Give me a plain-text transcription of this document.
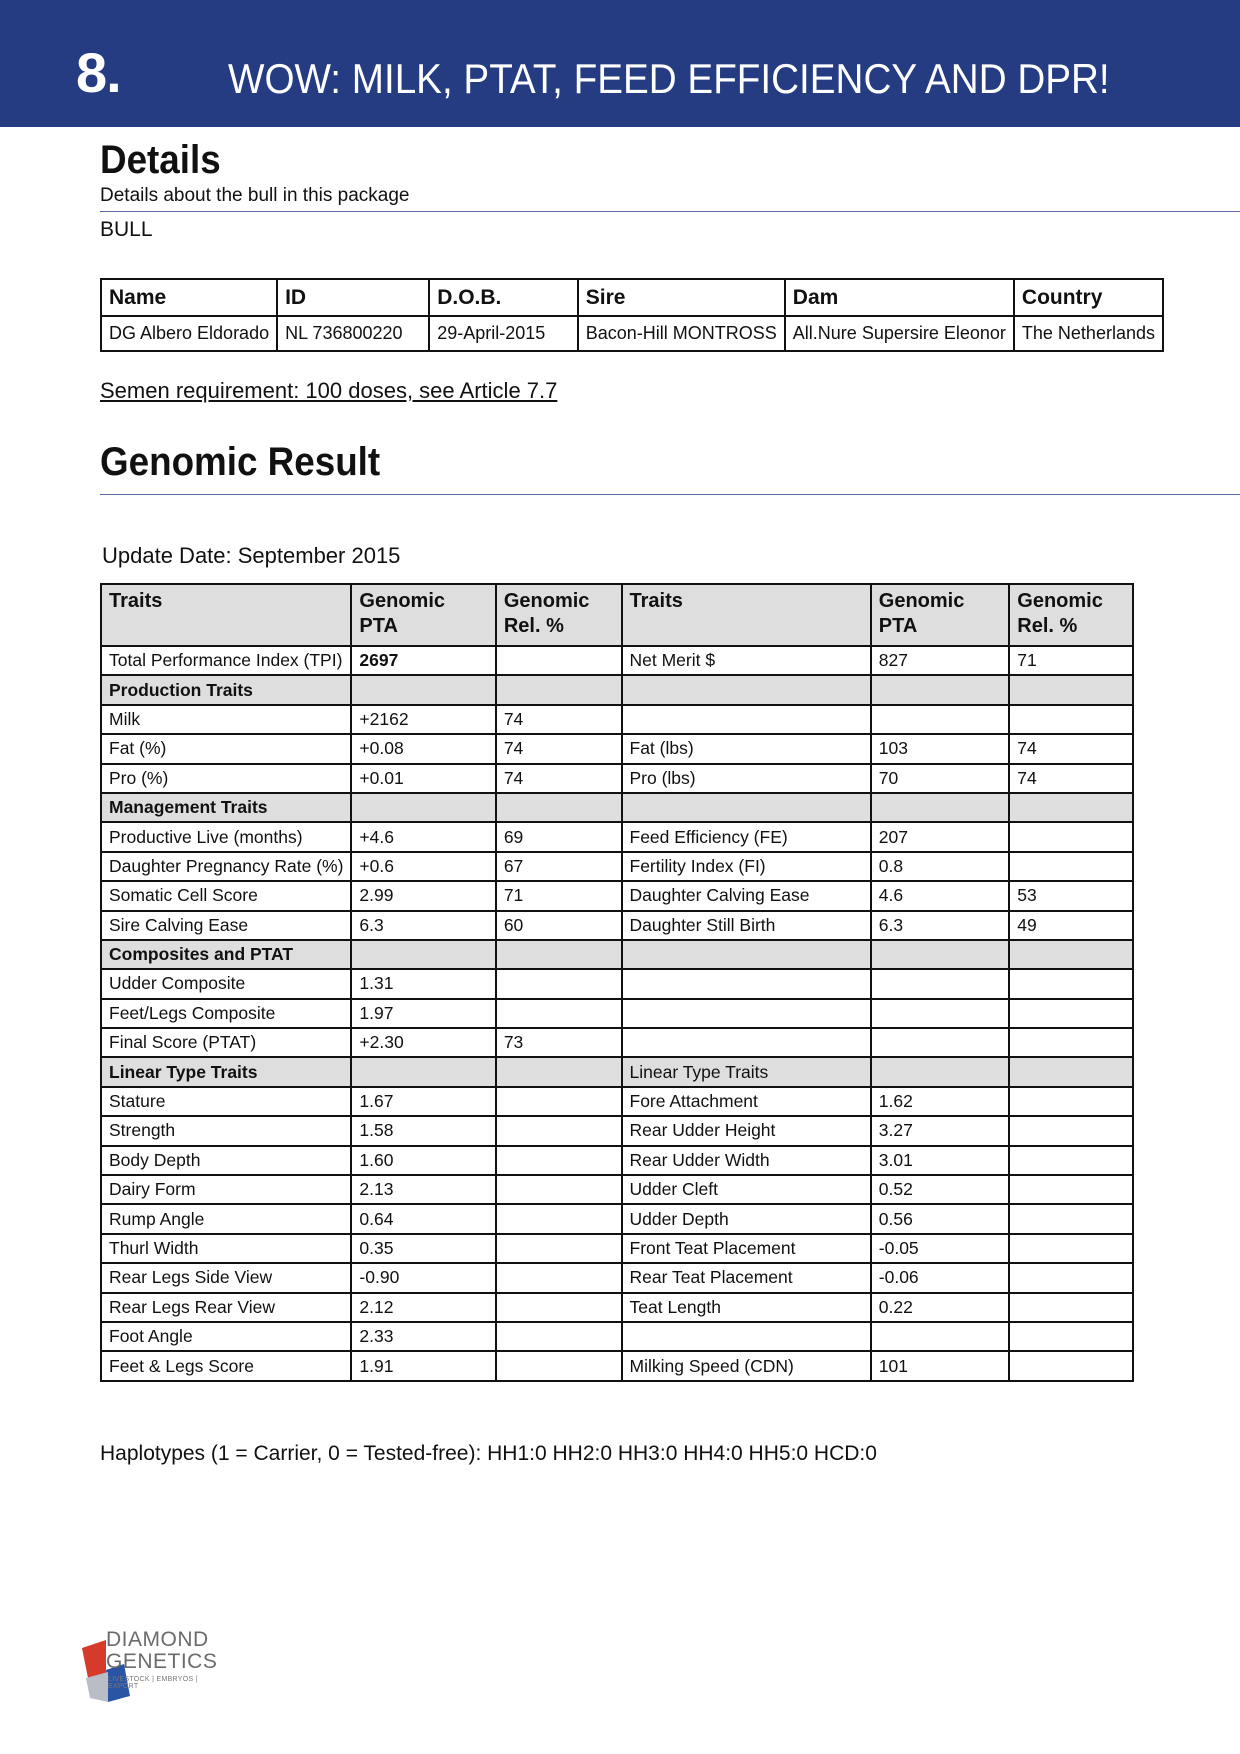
8.	WOW: MILK, PTAT, FEED EFFICIENCY AND DPR!
Details
Details about the bull in this package
BULL
Name	ID	D.O.B.	Sire	Dam	Country
DG Albero Eldorado	NL 736800220	29-April-2015	Bacon-Hill MONTROSS	All.Nure Supersire Eleonor	The Netherlands
Semen requirement: 100 doses, see Article 7.7
Genomic Result
Update Date: September 2015
Traits	Genomic PTA	Genomic Rel. %	Traits	Genomic PTA	Genomic Rel. %
Total Performance Index (TPI)	2697		Net Merit $	827	71
Production Traits					
Milk	+2162	74			
Fat (%)	+0.08	74	Fat (lbs)	103	74
Pro (%)	+0.01	74	Pro (lbs)	70	74
Management Traits					
Productive Live (months)	+4.6	69	Feed Efficiency (FE)	207	
Daughter Pregnancy Rate (%)	+0.6	67	Fertility Index (FI)	0.8	
Somatic Cell Score	2.99	71	Daughter Calving Ease	4.6	53
Sire Calving Ease	6.3	60	Daughter Still Birth	6.3	49
Composites and PTAT					
Udder Composite	1.31				
Feet/Legs Composite	1.97				
Final Score (PTAT)	+2.30	73			
Linear Type Traits			Linear Type Traits		
Stature	1.67		Fore Attachment	1.62	
Strength	1.58		Rear Udder Height	3.27	
Body Depth	1.60		Rear Udder Width	3.01	
Dairy Form	2.13		Udder Cleft	0.52	
Rump Angle	0.64		Udder Depth	0.56	
Thurl Width	0.35		Front Teat Placement	-0.05	
Rear Legs Side View	-0.90		Rear Teat Placement	-0.06	
Rear Legs Rear View	2.12		Teat Length	0.22	
Foot Angle	2.33				
Feet & Legs Score	1.91		Milking Speed (CDN)	101	
Haplotypes (1 = Carrier, 0 = Tested-free): HH1:0 HH2:0 HH3:0 HH4:0 HH5:0 HCD:0
DIAMOND
GENETICS
LIVESTOCK | EMBRYOS | EXPORT
